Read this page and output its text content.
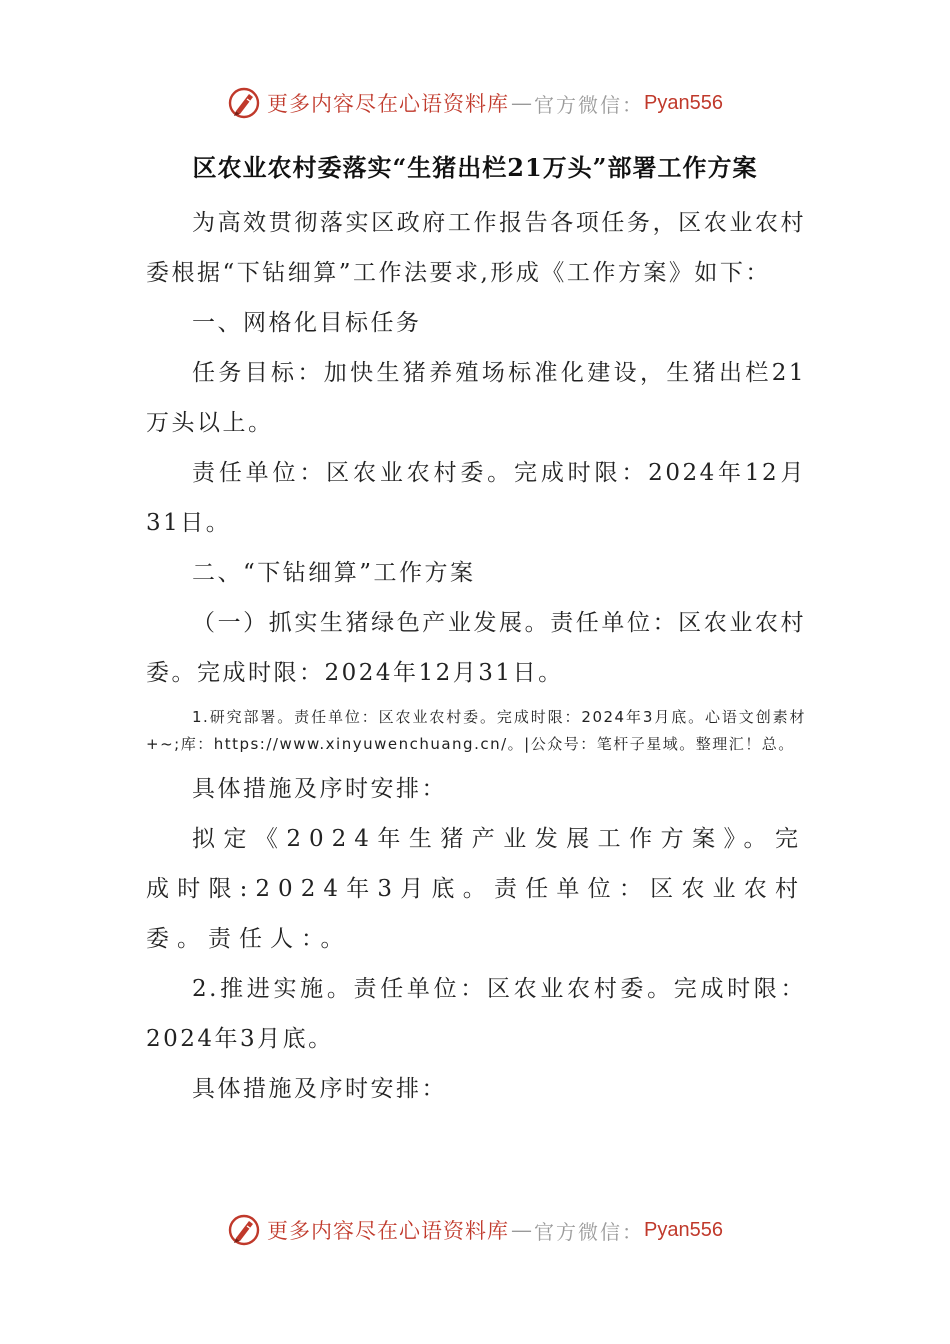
更多内容尽在心语资料库 — 官方微信： Pyan556
区农业农村委落实“生猪出栏21万头”部署工作方案

为高效贯彻落实区政府工作报告各项任务，区农业农村委根据“下钻细算”工作法要求,形成《工作方案》如下：

一、网格化目标任务

任务目标：加快生猪养殖场标准化建设，生猪出栏21万头以上。

责任单位：区农业农村委。完成时限：2024年12月31日。

二、“下钻细算”工作方案

（一）抓实生猪绿色产业发展。责任单位：区农业农村委。完成时限：2024年12月31日。

1.研究部署。责任单位：区农业农村委。完成时限：2024年3月底。心语文创素材+~;库：https://www.xinyuwenchuang.cn/。|公众号：笔杆子星域。整理汇！总。

具体措施及序时安排：

拟定《2024年生猪产业发展工作方案》。完成时限:2024年3月底。责任单位：区农业农村委。责任人：。

2.推进实施。责任单位：区农业农村委。完成时限：2024年3月底。

具体措施及序时安排：

更多内容尽在心语资料库 — 官方微信： Pyan556
